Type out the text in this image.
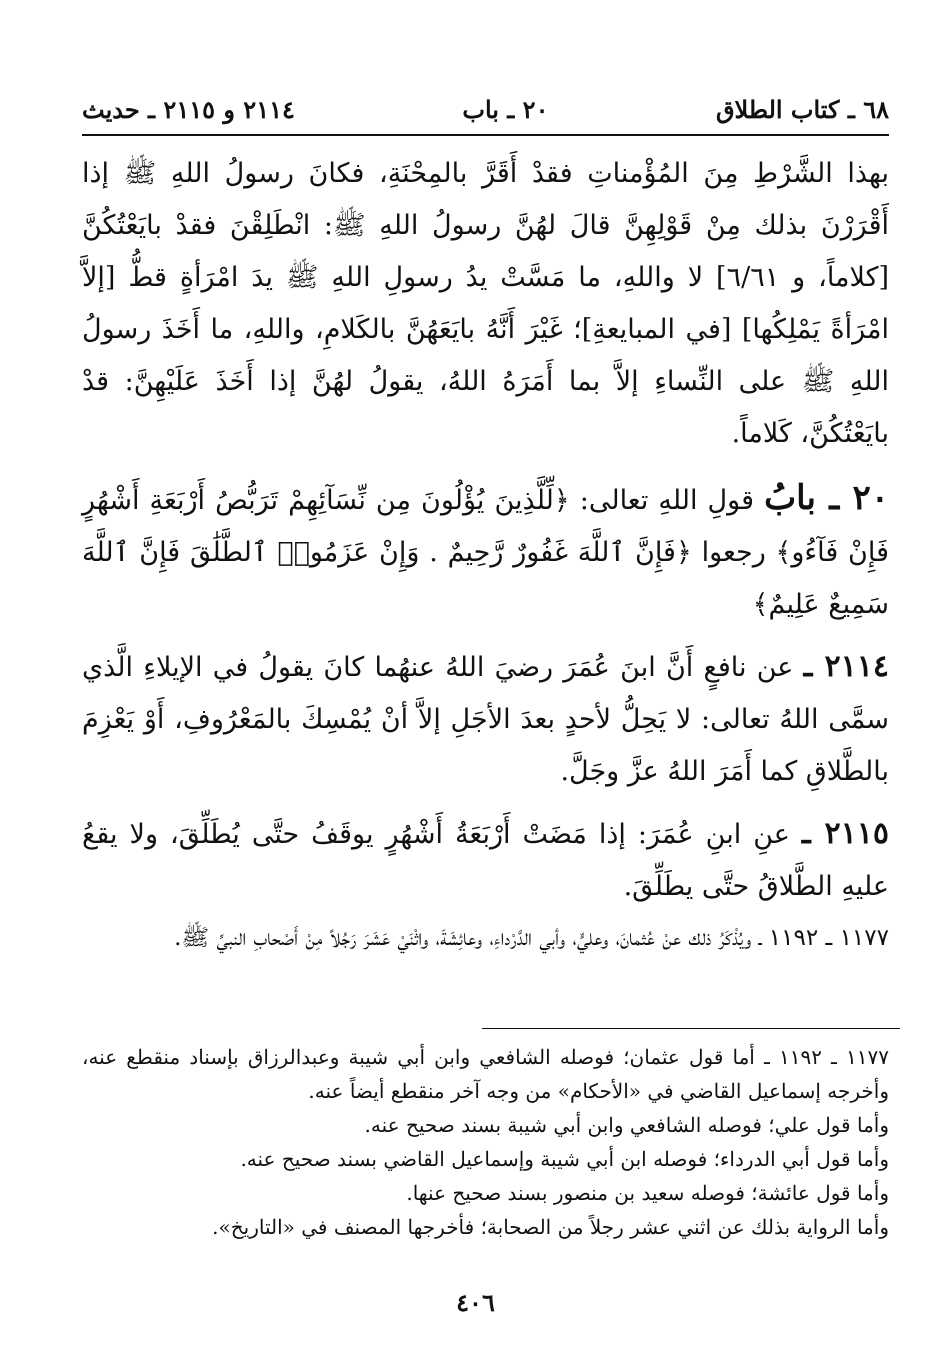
٦٨ ـ كتاب الطلاق
٢٠ ـ باب
٢١١٤ و ٢١١٥ ـ حديث

بهذا الشَّرْطِ مِنَ المُؤْمناتِ فقدْ أَقَرَّ بالمِحْنَةِ، فكانَ رسولُ اللهِ ﷺ إذا أَقْرَرْنَ بذلك مِنْ قَوْلِهِنَّ قالَ لهُنَّ رسولُ اللهِ ﷺ: انْطَلِقْنَ فقدْ بايَعْتُكُنَّ [كلاماً، و ٦/٦١] لا واللهِ، ما مَسَّتْ يدُ رسولِ اللهِ ﷺ يدَ امْرَأةٍ قطُّ [إلاَّ امْرَأةً يَمْلِكُها] [في المبايعةِ]؛ غَيْرَ أَنَّهُ بايَعَهُنَّ بالكَلامِ، واللهِ، ما أَخَذَ رسولُ اللهِ ﷺ على النِّساءِ إلاَّ بما أَمَرَهُ اللهُ، يقولُ لهُنَّ إذا أَخَذَ عَلَيْهِنَّ: قدْ بايَعْتُكُنَّ، كَلاماً.

٢٠ ـ بابُ قولِ اللهِ تعالى: ﴿لِّلَّذِينَ يُؤْلُونَ مِن نِّسَآئِهِمْ تَرَبُّصُ أَرْبَعَةِ أَشْهُرٍ فَإِنْ فَآءُو﴾ رجعوا ﴿فَإِنَّ ٱللَّهَ غَفُورٌ رَّحِيمٌ . وَإِنْ عَزَمُوا۟ ٱلطَّلَٰقَ فَإِنَّ ٱللَّهَ سَمِيعٌ عَلِيمٌ﴾

٢١١٤ ـ عن نافعٍ أَنَّ ابنَ عُمَرَ رضيَ اللهُ عنهُما كانَ يقولُ في الإيلاءِ الَّذي سمَّى اللهُ تعالى: لا يَحِلُّ لأحدٍ بعدَ الأجَلِ إلاَّ أنْ يُمْسِكَ بالمَعْرُوفِ، أَوْ يَعْزِمَ بالطَّلاقِ كما أَمَرَ اللهُ عزَّ وجَلَّ.

٢١١٥ ـ عنِ ابنِ عُمَرَ: إذا مَضَتْ أَرْبَعَةُ أَشْهُرٍ يوقَفُ حتَّى يُطَلِّقَ، ولا يقعُ عليهِ الطَّلاقُ حتَّى يطَلِّقَ.

١١٧٧ ـ ١١٩٢ ـ ويُذْكَرُ ذلك عنْ عُثمانَ، وعليٍّ، وأبي الدَّرْداءِ، وعائِشَةَ، واثْنَيْ عَشَرَ رَجُلاً مِنْ أَصْحابِ النبيِّ ﷺ.

١١٧٧ ـ ١١٩٢ ـ أما قول عثمان؛ فوصله الشافعي وابن أبي شيبة وعبدالرزاق بإسناد منقطع عنه، وأخرجه إسماعيل القاضي في «الأحكام» من وجه آخر منقطع أيضاً عنه.

وأما قول علي؛ فوصله الشافعي وابن أبي شيبة بسند صحيح عنه.

وأما قول أبي الدرداء؛ فوصله ابن أبي شيبة وإسماعيل القاضي بسند صحيح عنه.

وأما قول عائشة؛ فوصله سعيد بن منصور بسند صحيح عنها.

وأما الرواية بذلك عن اثني عشر رجلاً من الصحابة؛ فأخرجها المصنف في «التاريخ».

٤٠٦
